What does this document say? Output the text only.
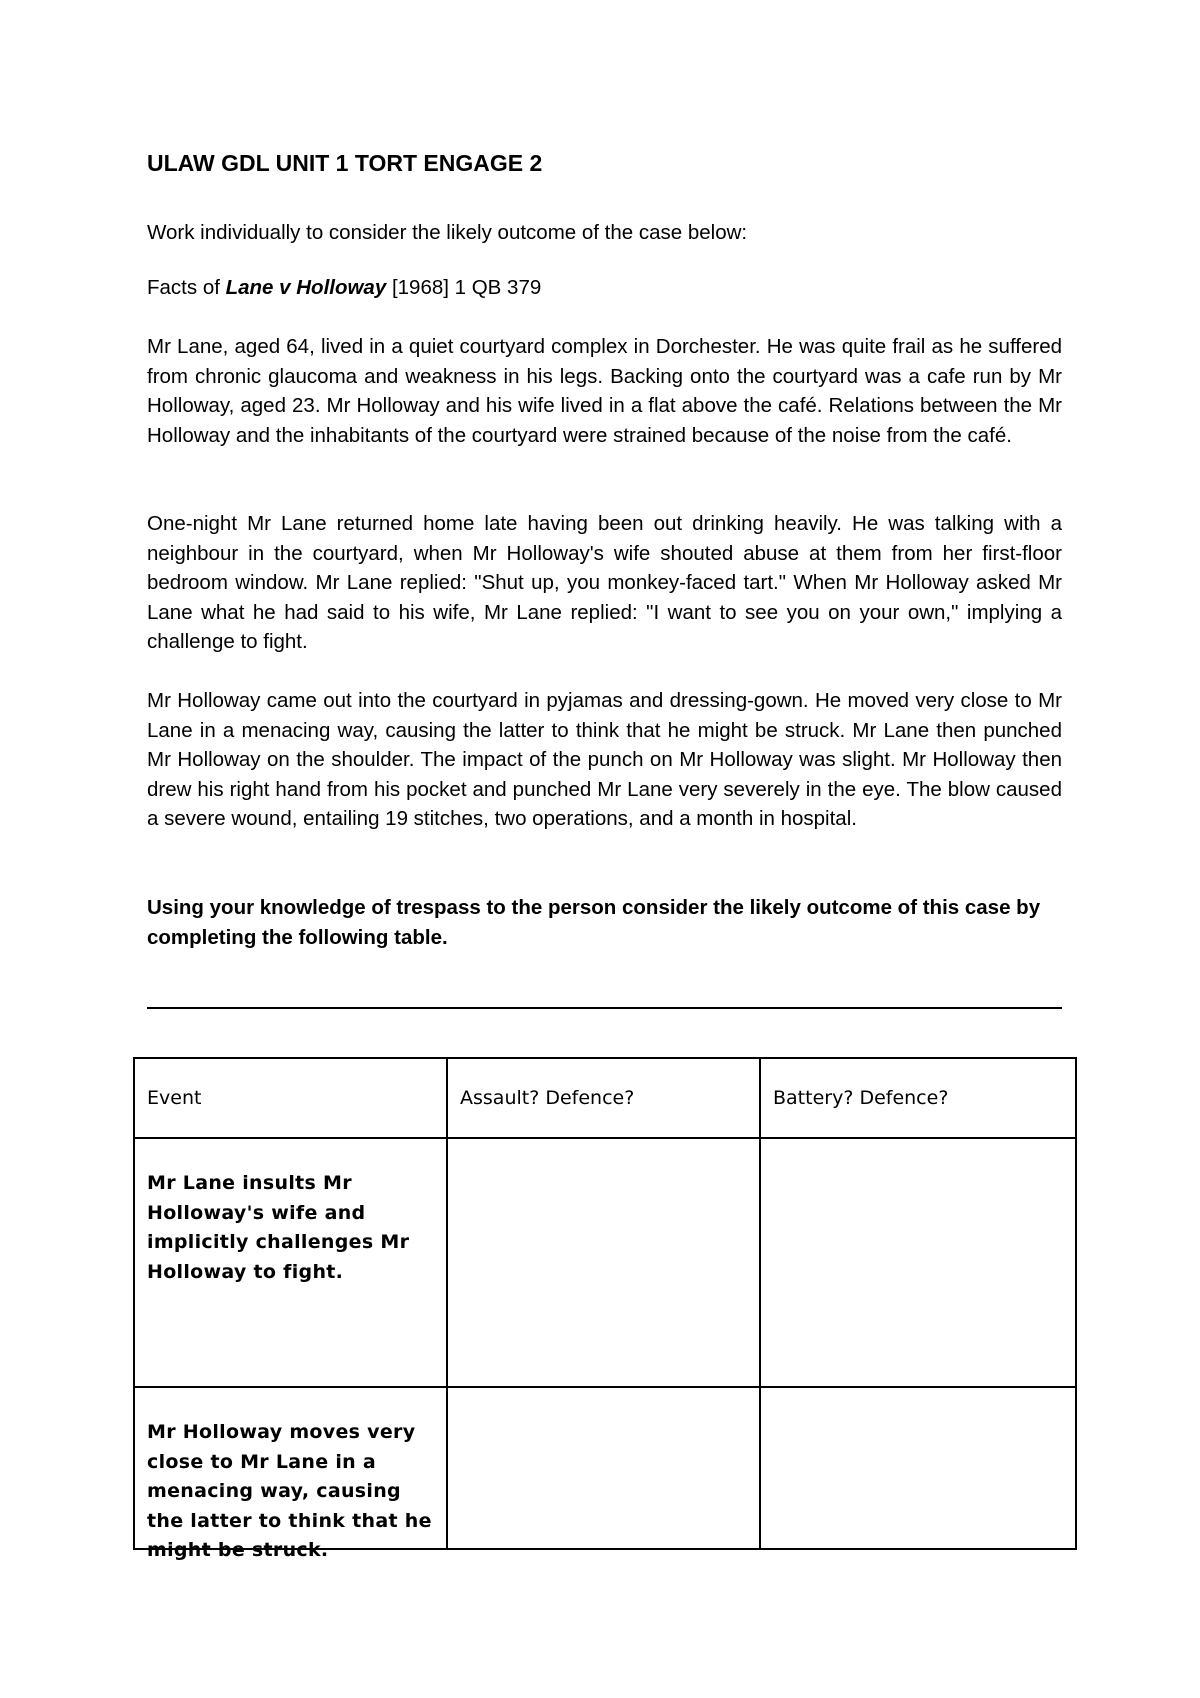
ULAW GDL UNIT 1 TORT ENGAGE 2

Work individually to consider the likely outcome of the case below:

Facts of Lane v Holloway [1968] 1 QB 379

Mr Lane, aged 64, lived in a quiet courtyard complex in Dorchester. He was quite frail as he suffered from chronic glaucoma and weakness in his legs. Backing onto the courtyard was a cafe run by Mr Holloway, aged 23. Mr Holloway and his wife lived in a flat above the café. Relations between the Mr Holloway and the inhabitants of the courtyard were strained because of the noise from the café.

One-night Mr Lane returned home late having been out drinking heavily. He was talking with a neighbour in the courtyard, when Mr Holloway's wife shouted abuse at them from her first-floor bedroom window. Mr Lane replied: "Shut up, you monkey-faced tart." When Mr Holloway asked Mr Lane what he had said to his wife, Mr Lane replied: "I want to see you on your own," implying a challenge to fight.

Mr Holloway came out into the courtyard in pyjamas and dressing-gown. He moved very close to Mr Lane in a menacing way, causing the latter to think that he might be struck. Mr Lane then punched Mr Holloway on the shoulder. The impact of the punch on Mr Holloway was slight. Mr Holloway then drew his right hand from his pocket and punched Mr Lane very severely in the eye. The blow caused a severe wound, entailing 19 stitches, two operations, and a month in hospital.

Using your knowledge of trespass to the person consider the likely outcome of this case by completing the following table.

Event	Assault? Defence?	Battery? Defence?

Mr Lane insults Mr Holloway's wife and implicitly challenges Mr Holloway to fight.		

Mr Holloway moves very close to Mr Lane in a menacing way, causing the latter to think that he might be struck.		
